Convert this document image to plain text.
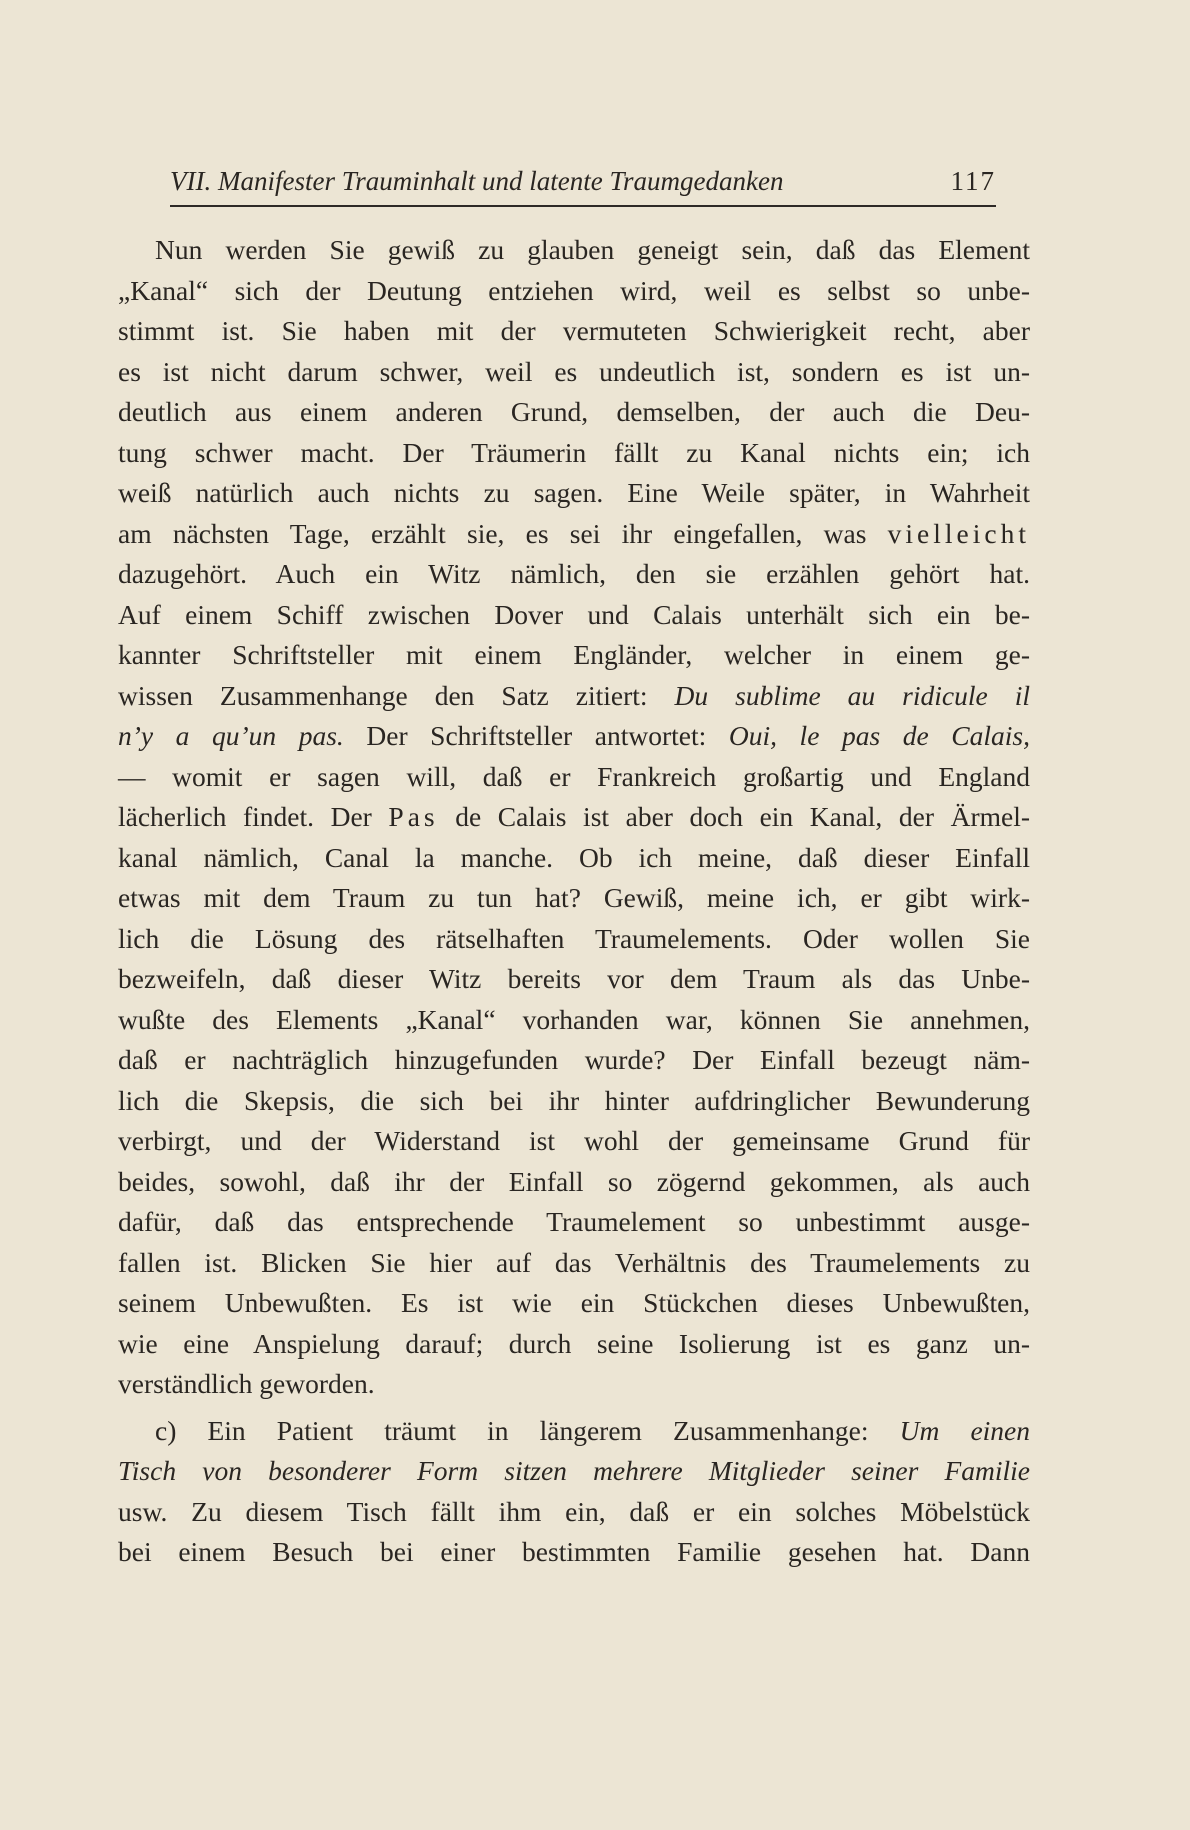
VII. Manifester Trauminhalt und latente Traumgedanken	117
Nun werden Sie gewiß zu glauben geneigt sein, daß das Element
„Kanal“ sich der Deutung entziehen wird, weil es selbst so unbe-
stimmt ist. Sie haben mit der vermuteten Schwierigkeit recht, aber
es ist nicht darum schwer, weil es undeutlich ist, sondern es ist un-
deutlich aus einem anderen Grund, demselben, der auch die Deu-
tung schwer macht. Der Träumerin fällt zu Kanal nichts ein; ich
weiß natürlich auch nichts zu sagen. Eine Weile später, in Wahrheit
am nächsten Tage, erzählt sie, es sei ihr eingefallen, was vielleicht
dazugehört. Auch ein Witz nämlich, den sie erzählen gehört hat.
Auf einem Schiff zwischen Dover und Calais unterhält sich ein be-
kannter Schriftsteller mit einem Engländer, welcher in einem ge-
wissen Zusammenhange den Satz zitiert: Du sublime au ridicule il
n’y a qu’un pas. Der Schriftsteller antwortet: Oui, le pas de Calais,
— womit er sagen will, daß er Frankreich großartig und England
lächerlich findet. Der Pas de Calais ist aber doch ein Kanal, der Ärmel-
kanal nämlich, Canal la manche. Ob ich meine, daß dieser Einfall
etwas mit dem Traum zu tun hat? Gewiß, meine ich, er gibt wirk-
lich die Lösung des rätselhaften Traumelements. Oder wollen Sie
bezweifeln, daß dieser Witz bereits vor dem Traum als das Unbe-
wußte des Elements „Kanal“ vorhanden war, können Sie annehmen,
daß er nachträglich hinzugefunden wurde? Der Einfall bezeugt näm-
lich die Skepsis, die sich bei ihr hinter aufdringlicher Bewunderung
verbirgt, und der Widerstand ist wohl der gemeinsame Grund für
beides, sowohl, daß ihr der Einfall so zögernd gekommen, als auch
dafür, daß das entsprechende Traumelement so unbestimmt ausge-
fallen ist. Blicken Sie hier auf das Verhältnis des Traumelements zu
seinem Unbewußten. Es ist wie ein Stückchen dieses Unbewußten,
wie eine Anspielung darauf; durch seine Isolierung ist es ganz un-
verständlich geworden.
c) Ein Patient träumt in längerem Zusammenhange: Um einen
Tisch von besonderer Form sitzen mehrere Mitglieder seiner Familie
usw. Zu diesem Tisch fällt ihm ein, daß er ein solches Möbelstück
bei einem Besuch bei einer bestimmten Familie gesehen hat. Dann
